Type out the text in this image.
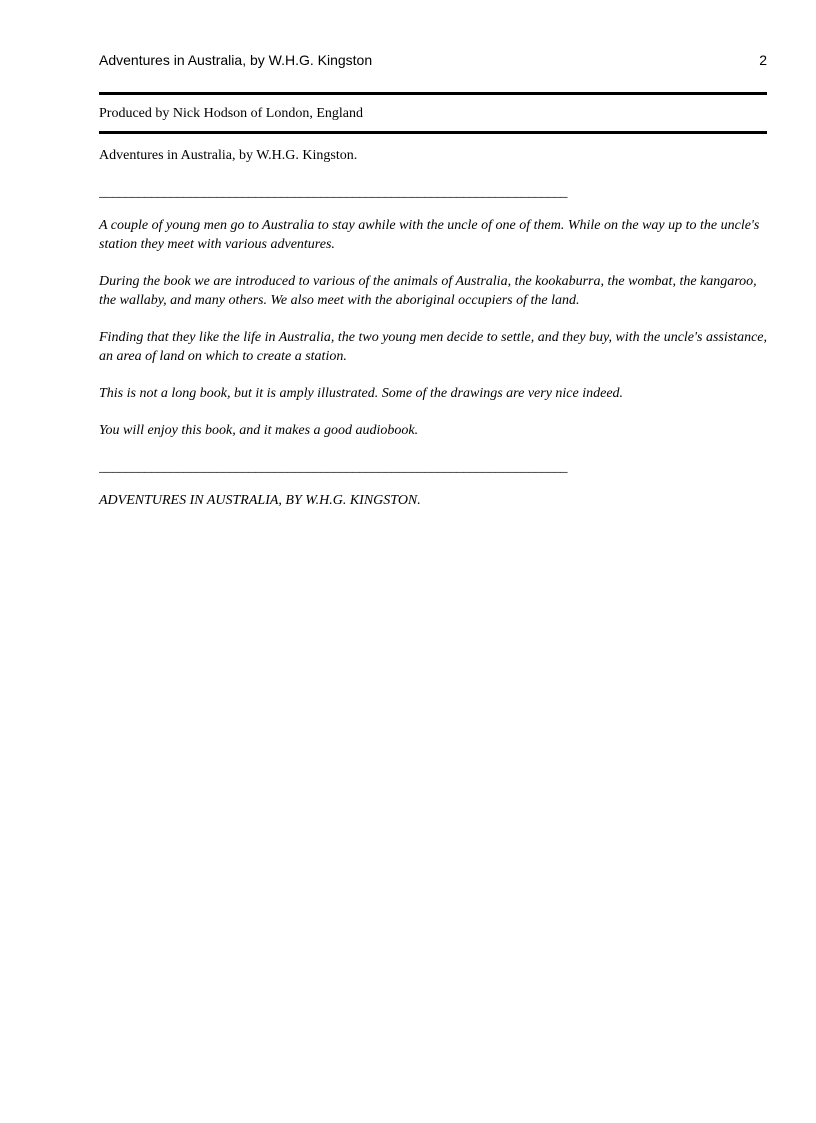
Adventures in Australia, by W.H.G. Kingston	2
Produced by Nick Hodson of London, England

Adventures in Australia, by W.H.G. Kingston.

________________________________________________________________________

A couple of young men go to Australia to stay awhile with the uncle of one of them. While on the way up to the uncle's station they meet with various adventures.

During the book we are introduced to various of the animals of Australia, the kookaburra, the wombat, the kangaroo, the wallaby, and many others. We also meet with the aboriginal occupiers of the land.

Finding that they like the life in Australia, the two young men decide to settle, and they buy, with the uncle's assistance, an area of land on which to create a station.

This is not a long book, but it is amply illustrated. Some of the drawings are very nice indeed.

You will enjoy this book, and it makes a good audiobook.

________________________________________________________________________

ADVENTURES IN AUSTRALIA, BY W.H.G. KINGSTON.
